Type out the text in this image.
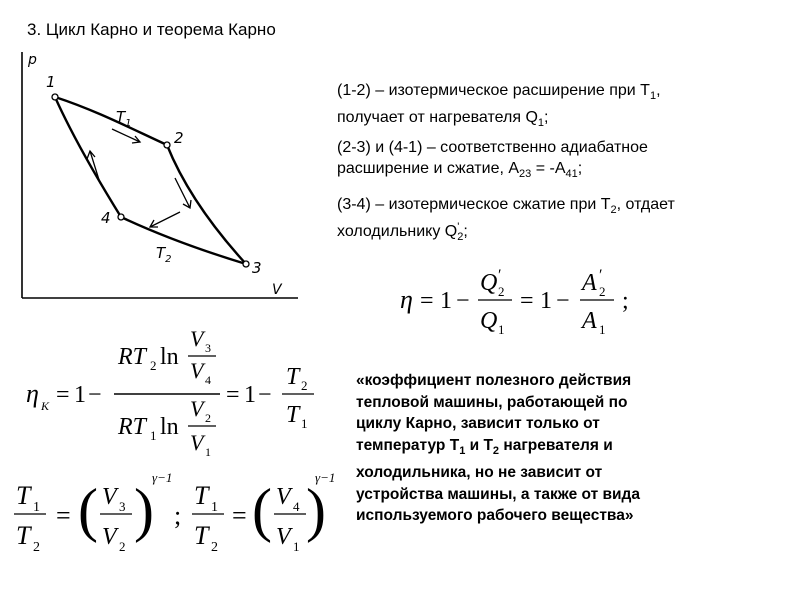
3. Цикл Карно и теорема Карно
p
V
1
2
3
4
$T_1$
$T_2$
(1-2) – изотермическое расширение при $T_1$,
получает от нагревателя $Q_1$;
(2-3) и (4-1) – соответственно адиабатное
расширение и сжатие, $А_{23} = -А_{41}$;
(3-4) – изотермическое сжатие при $T_2$, отдает
холодильнику Q '
$_2$;
η = 1 −
Q ′
2
Q 1
= 1 −
A ′
2
A 1
;
η К = 1 −
RT 2 ln
V 3
V 4
RT 1 ln
V 2
V 1
= 1 −
T 2
T 1
T 1
T 2
= ( V 3
V 2
)
γ−1
;
T 1
T 2
= ( V 4
V 1
)
γ−1
«коэффициент полезного действия
тепловой машины, работающей по
циклу Карно, зависит только от
температур $T_1$ и $T_2$ нагревателя и
холодильника, но не зависит от
устройства машины, а также от вида
используемого рабочего вещества»
